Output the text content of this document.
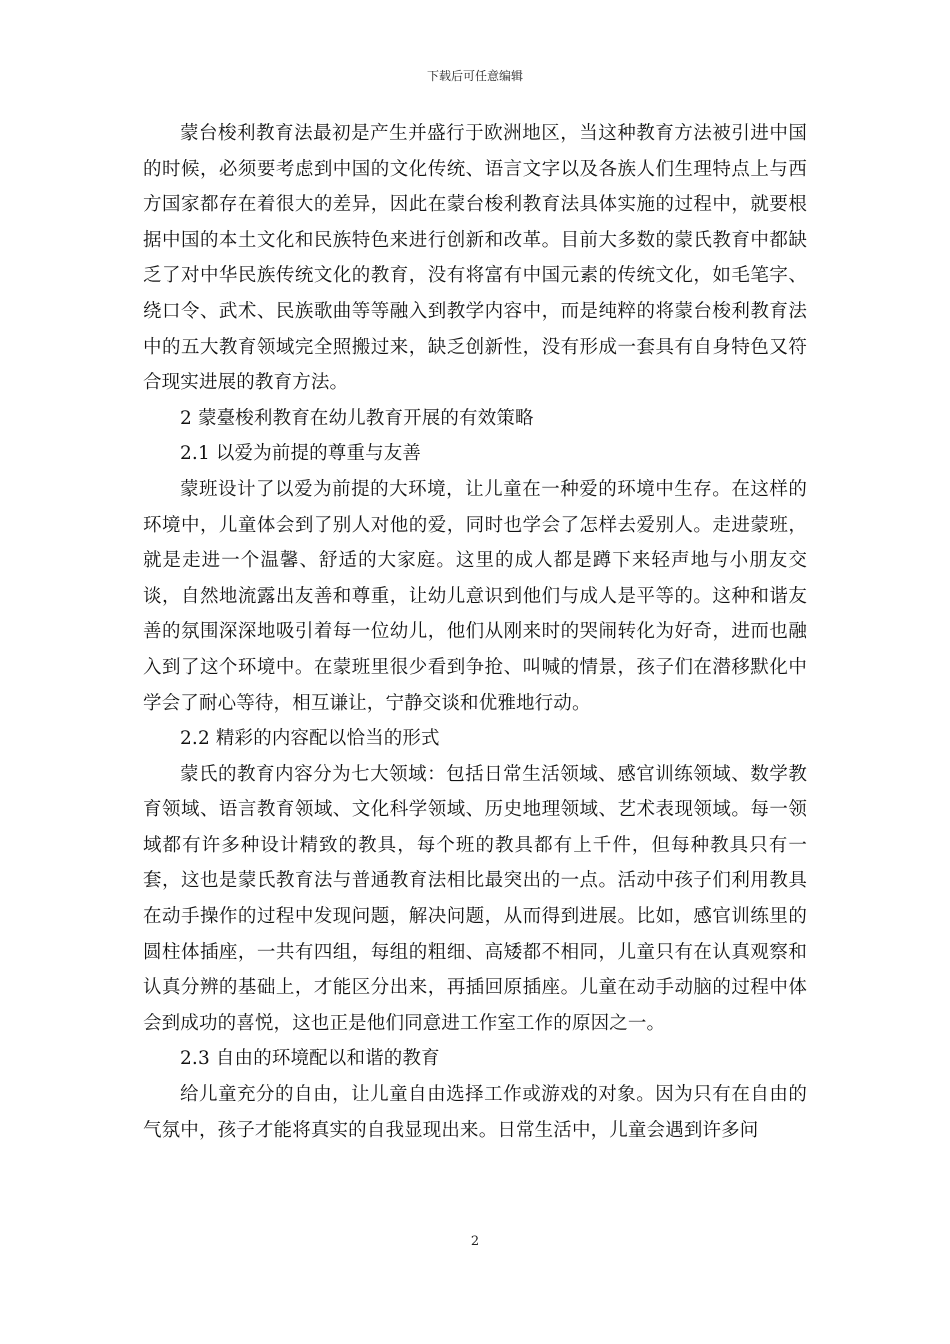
下载后可任意编辑

蒙台梭利教育法最初是产生并盛行于欧洲地区，当这种教育方法被引进中国的时候，必须要考虑到中国的文化传统、语言文字以及各族人们生理特点上与西方国家都存在着很大的差异，因此在蒙台梭利教育法具体实施的过程中，就要根据中国的本土文化和民族特色来进行创新和改革。目前大多数的蒙氏教育中都缺乏了对中华民族传统文化的教育，没有将富有中国元素的传统文化，如毛笔字、绕口令、武术、民族歌曲等等融入到教学内容中，而是纯粹的将蒙台梭利教育法中的五大教育领域完全照搬过来，缺乏创新性，没有形成一套具有自身特色又符合现实进展的教育方法。

2 蒙臺梭利教育在幼儿教育开展的有效策略

2.1 以爱为前提的尊重与友善

蒙班设计了以爱为前提的大环境，让儿童在一种爱的环境中生存。在这样的环境中，儿童体会到了别人对他的爱，同时也学会了怎样去爱别人。走进蒙班，就是走进一个温馨、舒适的大家庭。这里的成人都是蹲下来轻声地与小朋友交谈，自然地流露出友善和尊重，让幼儿意识到他们与成人是平等的。这种和谐友善的氛围深深地吸引着每一位幼儿，他们从刚来时的哭闹转化为好奇，进而也融入到了这个环境中。在蒙班里很少看到争抢、叫喊的情景，孩子们在潜移默化中学会了耐心等待，相互谦让，宁静交谈和优雅地行动。

2.2 精彩的内容配以恰当的形式

蒙氏的教育内容分为七大领域：包括日常生活领域、感官训练领域、数学教育领域、语言教育领域、文化科学领域、历史地理领域、艺术表现领域。每一领域都有许多种设计精致的教具，每个班的教具都有上千件，但每种教具只有一套，这也是蒙氏教育法与普通教育法相比最突出的一点。活动中孩子们利用教具在动手操作的过程中发现问题，解决问题，从而得到进展。比如，感官训练里的圆柱体插座，一共有四组，每组的粗细、高矮都不相同，儿童只有在认真观察和认真分辨的基础上，才能区分出来，再插回原插座。儿童在动手动脑的过程中体会到成功的喜悦，这也正是他们同意进工作室工作的原因之一。

2.3 自由的环境配以和谐的教育

给儿童充分的自由，让儿童自由选择工作或游戏的对象。因为只有在自由的气氛中，孩子才能将真实的自我显现出来。日常生活中，儿童会遇到许多问

2
